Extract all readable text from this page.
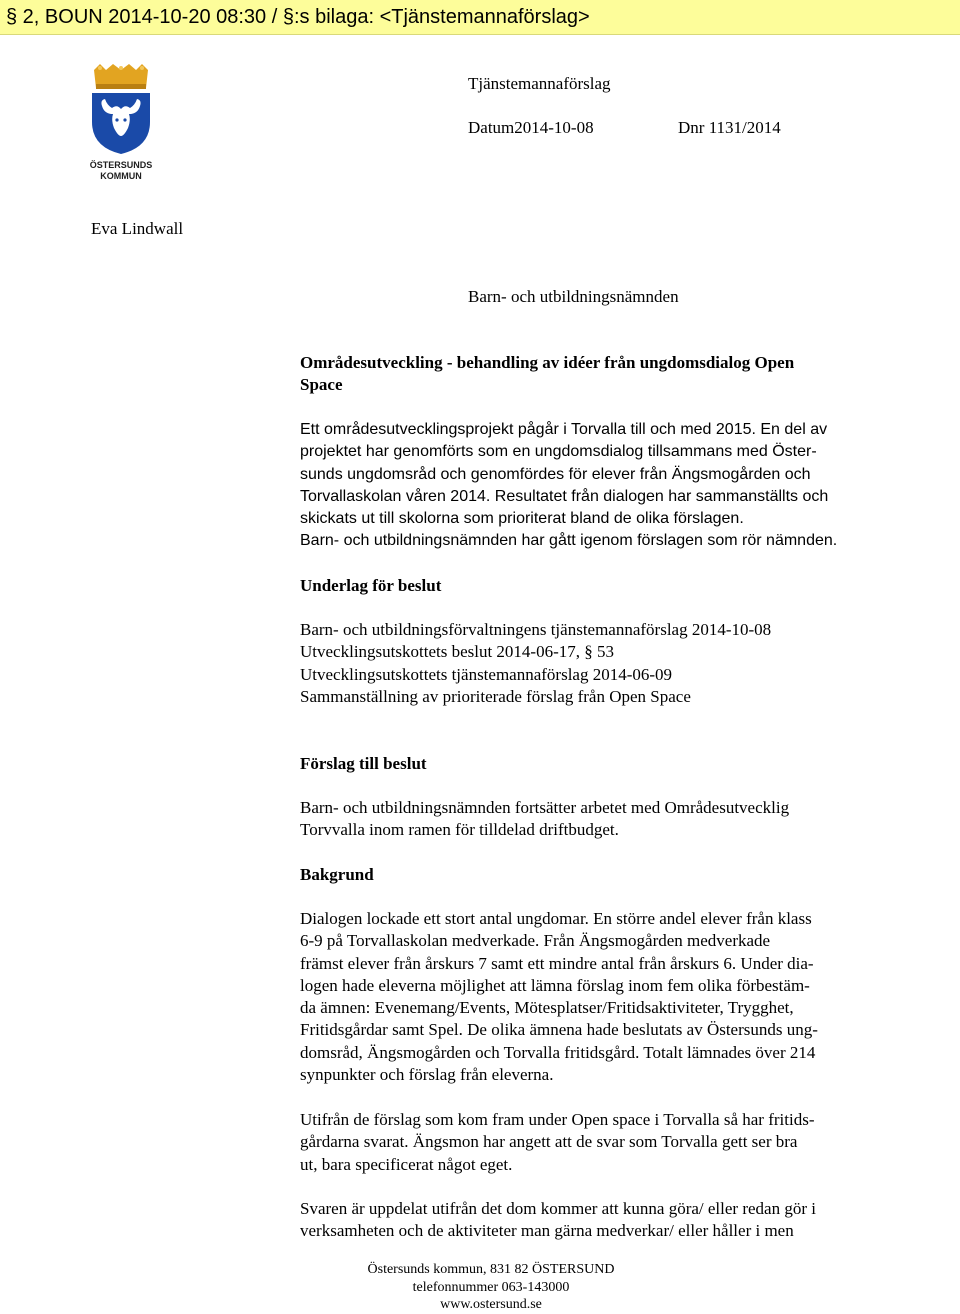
§ 2, BOUN 2014-10-20 08:30 / §:s bilaga: <Tjänstemannaförslag>
ÖSTERSUNDS
KOMMUN
Tjänstemannaförslag
Datum2014-10-08	Dnr 1131/2014
Eva Lindwall
Barn- och utbildningsnämnden
Områdesutveckling - behandling av idéer från ungdomsdialog Open
Space
Ett områdesutvecklingsprojekt pågår i Torvalla till och med 2015. En del av
projektet har genomförts som en ungdomsdialog tillsammans med Öster-
sunds ungdomsråd och genomfördes för elever från Ängsmogården och
Torvallaskolan våren 2014. Resultatet från dialogen har sammanställts och
skickats ut till skolorna som prioriterat bland de olika förslagen.
Barn- och utbildningsnämnden har gått igenom förslagen som rör nämnden.
Underlag för beslut
Barn- och utbildningsförvaltningens tjänstemannaförslag 2014-10-08
Utvecklingsutskottets beslut 2014-06-17, § 53
Utvecklingsutskottets tjänstemannaförslag 2014-06-09
Sammanställning av prioriterade förslag från Open Space
Förslag till beslut
Barn- och utbildningsnämnden fortsätter arbetet med Områdesutvecklig
Torvvalla inom ramen för tilldelad driftbudget.
Bakgrund
Dialogen lockade ett stort antal ungdomar. En större andel elever från klass
6-9 på Torvallaskolan medverkade. Från Ängsmogården medverkade
främst elever från årskurs 7 samt ett mindre antal från årskurs 6. Under dia-
logen hade eleverna möjlighet att lämna förslag inom fem olika förbestäm-
da ämnen: Evenemang/Events, Mötesplatser/Fritidsaktiviteter, Trygghet,
Fritidsgårdar samt Spel. De olika ämnena hade beslutats av Östersunds ung-
domsråd, Ängsmogården och Torvalla fritidsgård. Totalt lämnades över 214
synpunkter och förslag från eleverna.
Utifrån de förslag som kom fram under Open space i Torvalla så har fritids-
gårdarna svarat. Ängsmon har angett att de svar som Torvalla gett ser bra
ut, bara specificerat något eget.
Svaren är uppdelat utifrån det dom kommer att kunna göra/ eller redan gör i
verksamheten och de aktiviteter man gärna medverkar/ eller håller i men
Östersunds kommun, 831 82 ÖSTERSUND
telefonnummer 063-143000
www.ostersund.se
